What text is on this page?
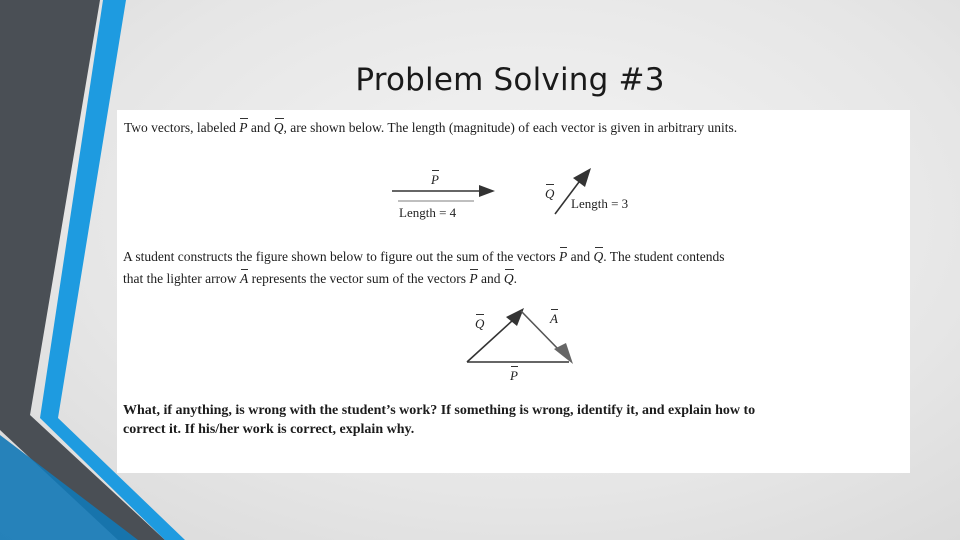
Problem Solving #3
Two vectors, labeled P and Q, are shown below. The length (magnitude) of each vector is given in arbitrary units.
P
Length = 4
Q
Length = 3
A student constructs the figure shown below to figure out the sum of the vectors P and Q. The student contends
that the lighter arrow A represents the vector sum of the vectors P and Q.
Q	A
P
What, if anything, is wrong with the student’s work? If something is wrong, identify it, and explain how to
correct it. If his/her work is correct, explain why.
